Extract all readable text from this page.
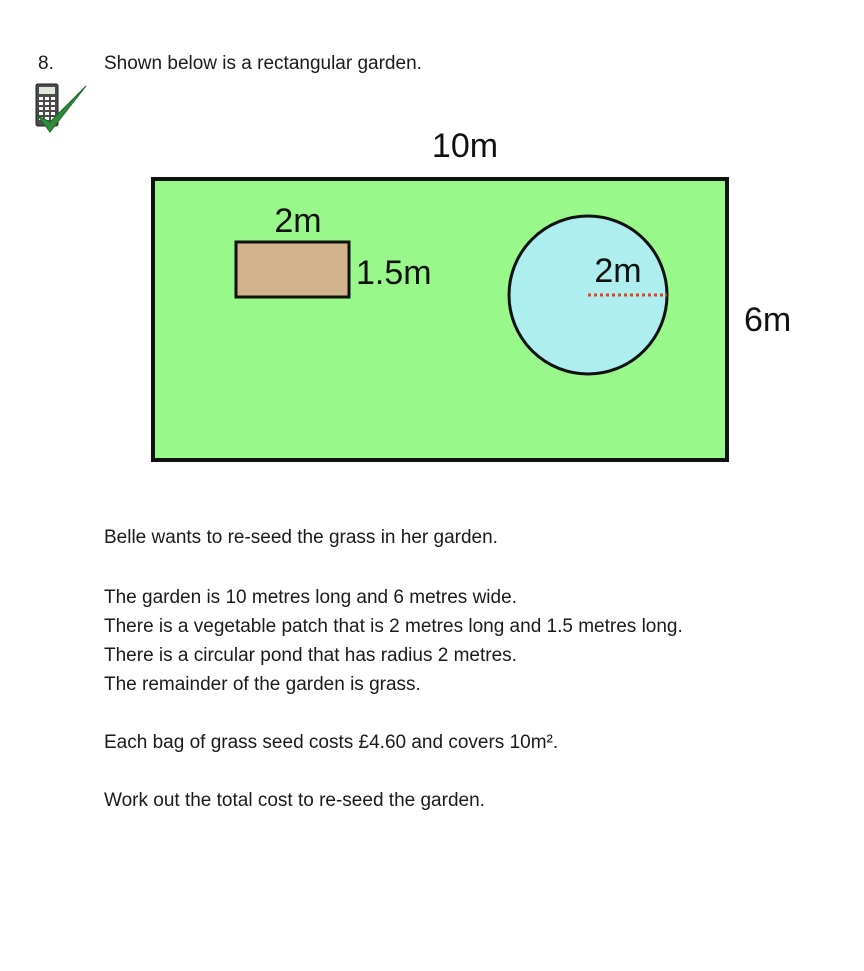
8.	Shown below is a rectangular garden.
10m
6m
2m
1.5m	2m
Belle wants to re-seed the grass in her garden.
The garden is 10 metres long and 6 metres wide.
There is a vegetable patch that is 2 metres long and 1.5 metres long.
There is a circular pond that has radius 2 metres.
The remainder of the garden is grass.
Each bag of grass seed costs £4.60 and covers 10m².
Work out the total cost to re-seed the garden.
